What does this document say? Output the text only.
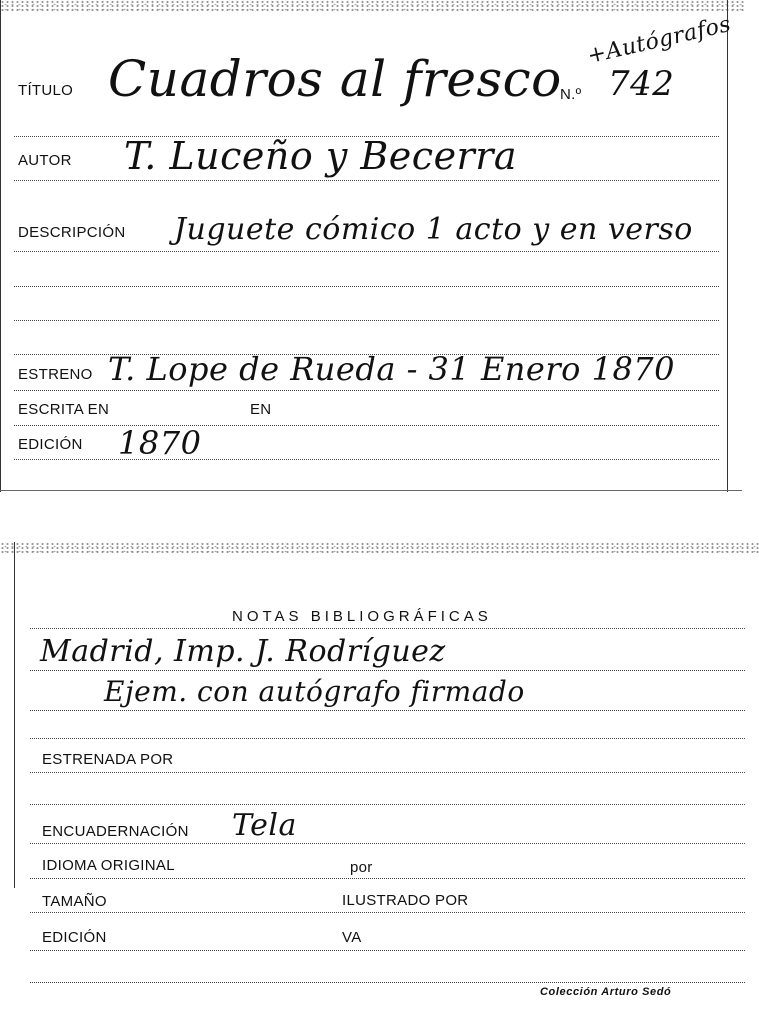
+Autógrafos
TÍTULO Cuadros al fresco
N.º 742
AUTOR T. Luceño y Becerra
DESCRIPCIÓN Juguete cómico 1 acto y en verso
ESTRENO T. Lope de Rueda - 31 Enero 1870
ESCRITA EN	EN
EDICIÓN 1870
NOTAS BIBLIOGRÁFICAS
Madrid, Imp. J. Rodríguez
Ejem. con autógrafo firmado
ESTRENADA POR
ENCUADERNACIÓN Tela
IDIOMA ORIGINAL	por
TAMAÑO	ILUSTRADO POR
EDICIÓN	VA
Colección Arturo Sedó
